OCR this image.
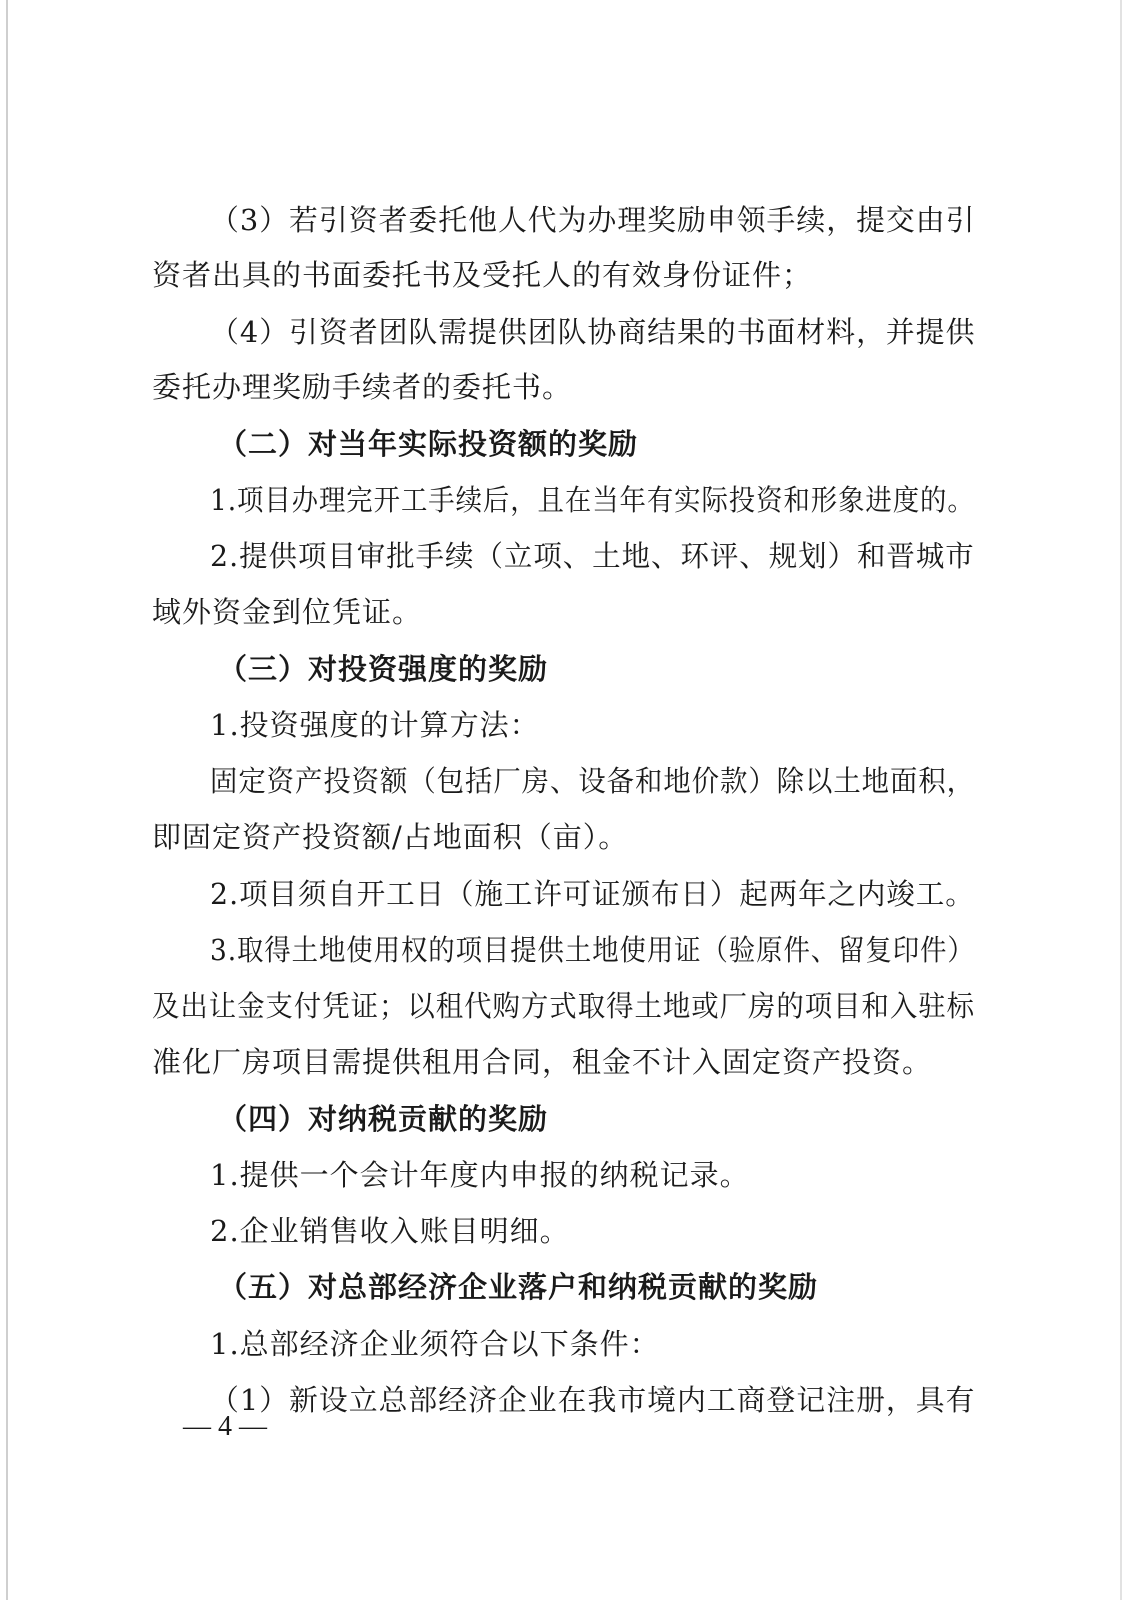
（3）若引资者委托他人代为办理奖励申领手续，提交由引
资者出具的书面委托书及受托人的有效身份证件；
（4）引资者团队需提供团队协商结果的书面材料，并提供
委托办理奖励手续者的委托书。
（二）对当年实际投资额的奖励
1.项目办理完开工手续后，且在当年有实际投资和形象进度的。
2.提供项目审批手续（立项、土地、环评、规划）和晋城市
域外资金到位凭证。
（三）对投资强度的奖励
1.投资强度的计算方法：
固定资产投资额（包括厂房、设备和地价款）除以土地面积，
即固定资产投资额/占地面积（亩）。
2.项目须自开工日（施工许可证颁布日）起两年之内竣工。
3.取得土地使用权的项目提供土地使用证（验原件、留复印件）
及出让金支付凭证；以租代购方式取得土地或厂房的项目和入驻标
准化厂房项目需提供租用合同，租金不计入固定资产投资。
（四）对纳税贡献的奖励
1.提供一个会计年度内申报的纳税记录。
2.企业销售收入账目明细。
（五）对总部经济企业落户和纳税贡献的奖励
1.总部经济企业须符合以下条件：
（1）新设立总部经济企业在我市境内工商登记注册，具有
— 4 —
